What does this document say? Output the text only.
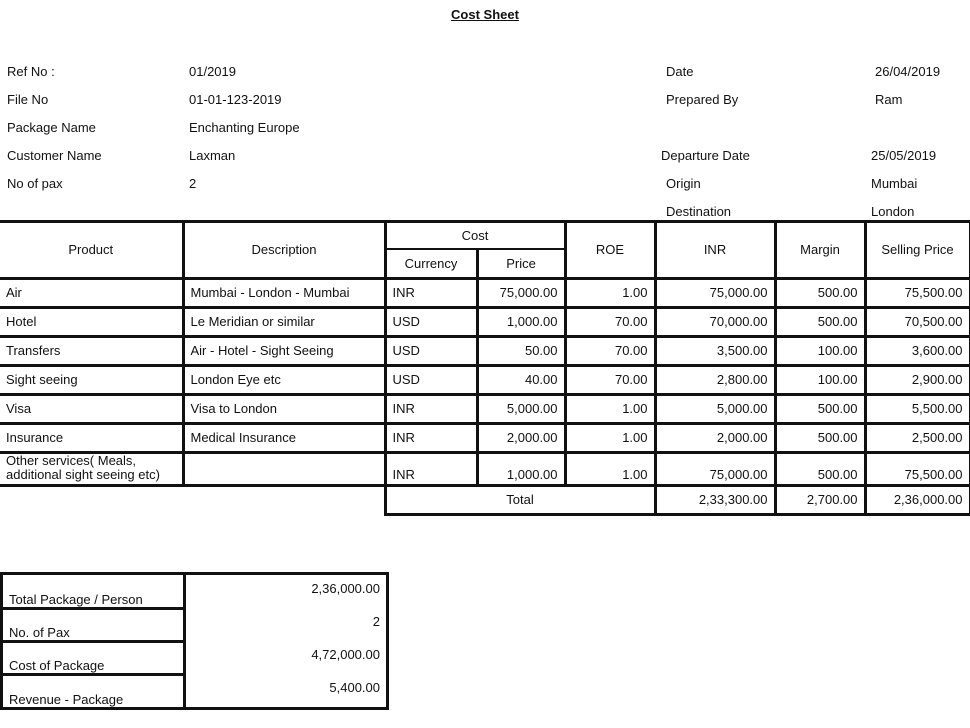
Cost Sheet
Ref No :	01/2019
File No	01-01-123-2019
Package Name	Enchanting Europe
Customer Name	Laxman
No of pax	2
Date	26/04/2019
Prepared By	Ram
Departure Date	25/05/2019
Origin	Mumbai
Destination	London
Product	Description	Cost		ROE	INR	Margin	Selling Price
		Currency	Price				
Air	Mumbai - London - Mumbai	INR	75,000.00	1.00	75,000.00	500.00	75,500.00
Hotel	Le Meridian or similar	USD	1,000.00	70.00	70,000.00	500.00	70,500.00
Transfers	Air - Hotel - Sight Seeing	USD	50.00	70.00	3,500.00	100.00	3,600.00
Sight seeing	London Eye etc	USD	40.00	70.00	2,800.00	100.00	2,900.00
Visa	Visa to London	INR	5,000.00	1.00	5,000.00	500.00	5,500.00
Insurance	Medical Insurance	INR	2,000.00	1.00	2,000.00	500.00	2,500.00
Other services( Meals, additional sight seeing etc)		INR	1,000.00	1.00	75,000.00	500.00	75,500.00
		Total			2,33,300.00	2,700.00	2,36,000.00
Total Package / Person	2,36,000.00
No. of Pax	2
Cost of Package	4,72,000.00
Revenue - Package	5,400.00
